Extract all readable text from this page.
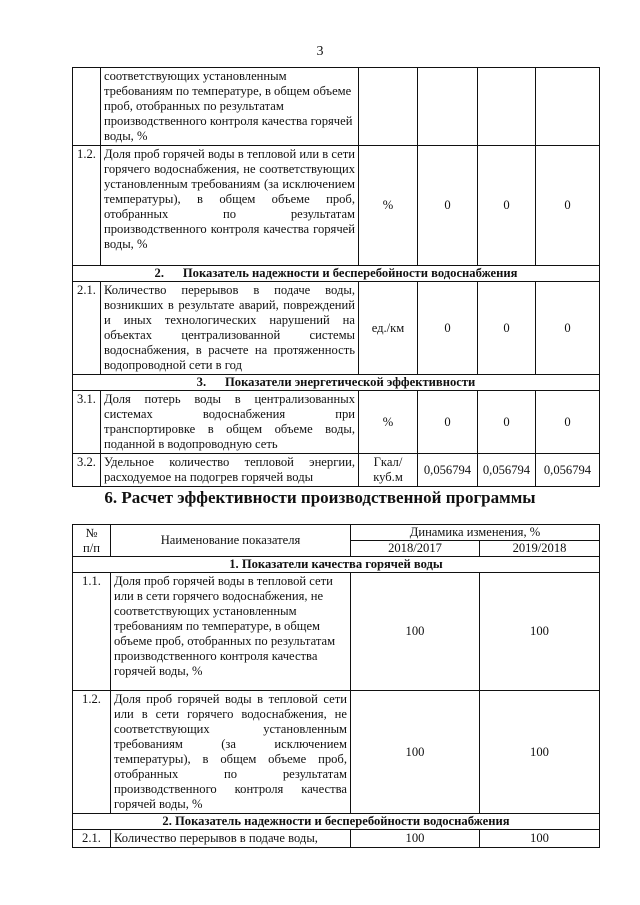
3
	соответствующих установленным требованиям по температуре, в общем объеме проб, отобранных по результатам производственного контроля качества горячей воды, %				
1.2.	Доля проб горячей воды в тепловой или в сети горячего водоснабжения, не соответствующих установленным требованиям (за исключением температуры), в общем объеме проб, отобранных по результатам производственного контроля качества горячей воды, %	%	0	0	0
2.      Показатель надежности и бесперебойности водоснабжения					
2.1.	Количество перерывов в подаче воды, возникших в результате аварий, повреждений и иных технологических нарушений на объектах централизованной системы водоснабжения, в расчете на протяженность водопроводной сети в год	ед./км	0	0	0
3.      Показатели энергетической эффективности					
3.1.	Доля потерь воды в централизованных системах водоснабжения при транспортировке в общем объеме воды, поданной в водопроводную сеть	%	0	0	0
3.2.	Удельное количество тепловой энергии, расходуемое на подогрев горячей воды	Гкал/ куб.м	0,056794	0,056794	0,056794
6. Расчет эффективности производственной программы
№ п/п	Наименование показателя	Динамика изменения, %	
		2018/2017	2019/2018
1. Показатели качества горячей воды			
1.1.	Доля проб горячей воды в тепловой сети или в сети горячего водоснабжения, не соответствующих установленным требованиям по температуре, в общем объеме проб, отобранных по результатам производственного контроля качества горячей воды, %	100	100
1.2.	Доля проб горячей воды в тепловой сети или в сети горячего водоснабжения, не соответствующих установленным требованиям (за исключением температуры), в общем объеме проб, отобранных по результатам производственного контроля качества горячей воды, %	100	100
2. Показатель надежности и бесперебойности водоснабжения			
2.1.	Количество перерывов в подаче воды,	100	100
